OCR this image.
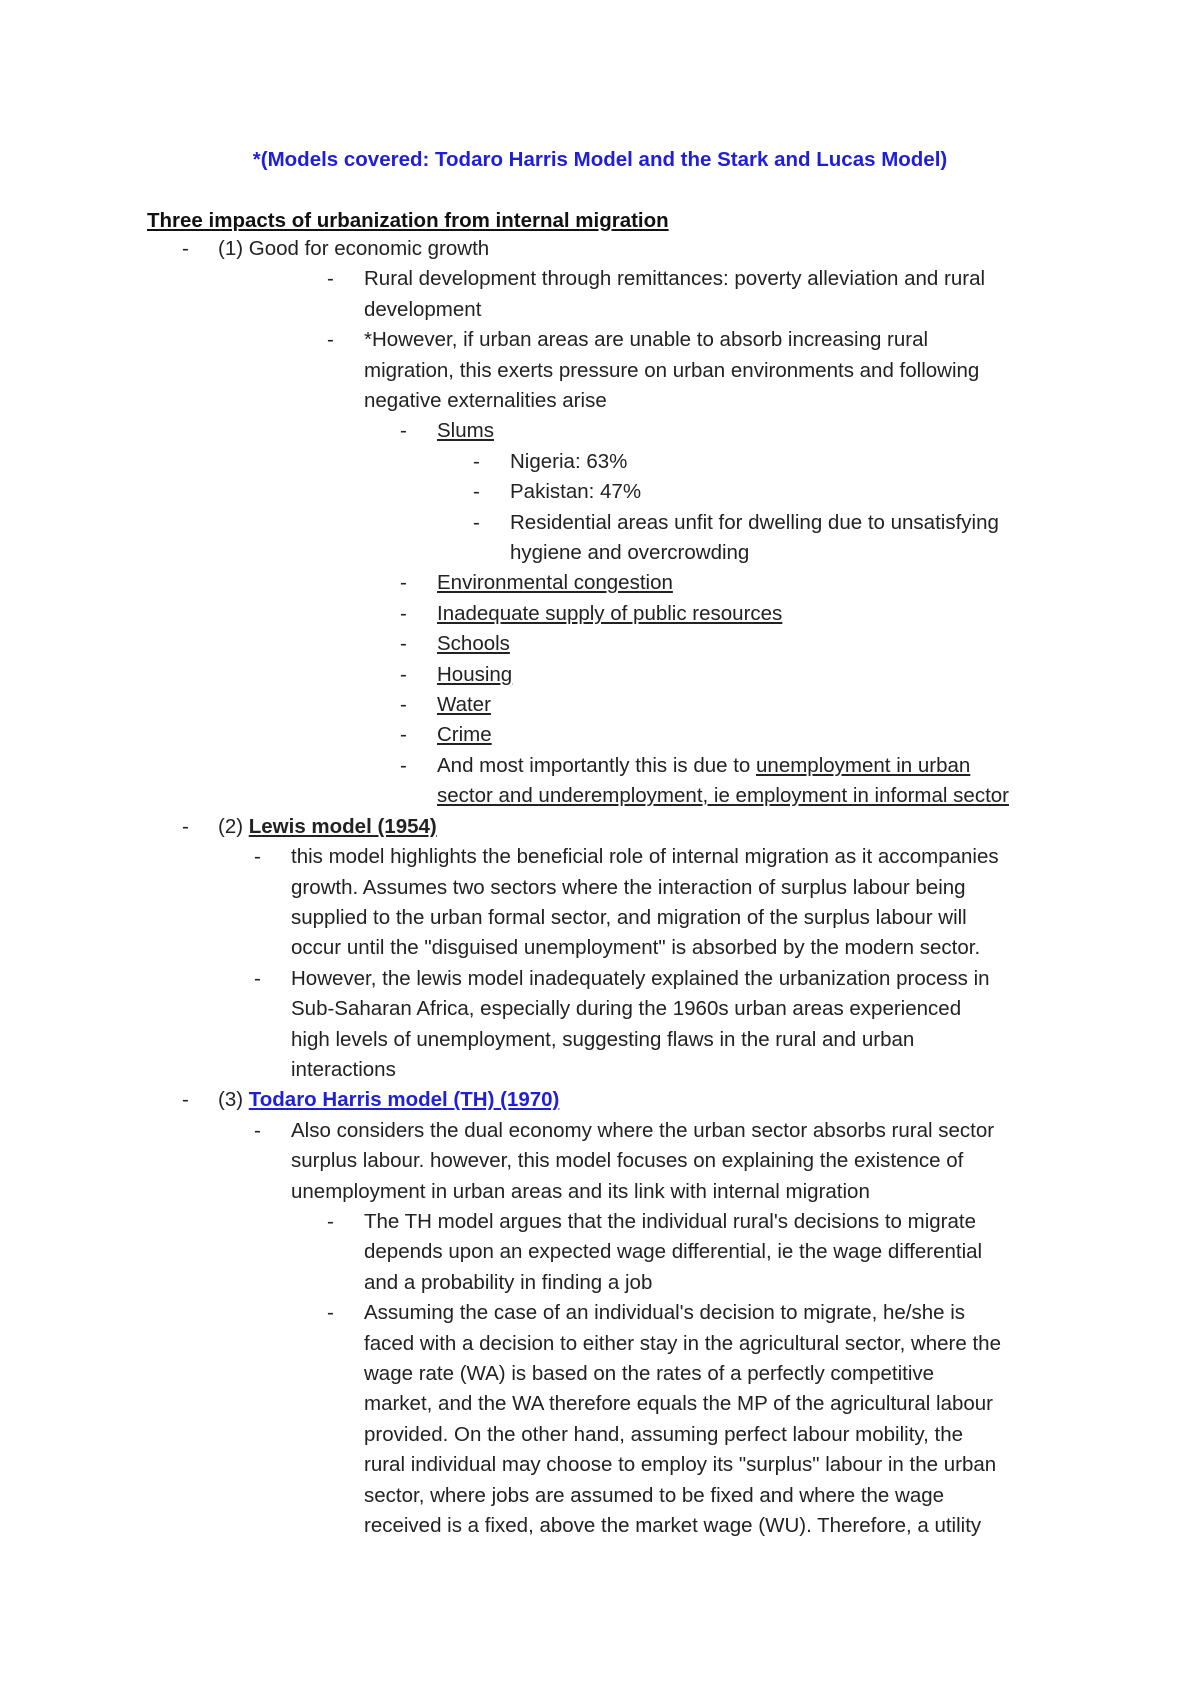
*(Models covered: Todaro Harris Model and the Stark and Lucas Model)
Three impacts of urbanization from internal migration
- (1) Good for economic growth
- Rural development through remittances: poverty alleviation and rural
development
- *However, if urban areas are unable to absorb increasing rural
migration, this exerts pressure on urban environments and following
negative externalities arise
- Slums
- Nigeria: 63%
- Pakistan: 47%
- Residential areas unfit for dwelling due to unsatisfying
hygiene and overcrowding
- Environmental congestion
- Inadequate supply of public resources
- Schools
- Housing
- Water
- Crime
- And most importantly this is due to unemployment in urban
sector and underemployment, ie employment in informal sector
- (2) Lewis model (1954)
- this model highlights the beneficial role of internal migration as it accompanies
growth. Assumes two sectors where the interaction of surplus labour being
supplied to the urban formal sector, and migration of the surplus labour will
occur until the "disguised unemployment" is absorbed by the modern sector.
- However, the lewis model inadequately explained the urbanization process in
Sub-Saharan Africa, especially during the 1960s urban areas experienced
high levels of unemployment, suggesting flaws in the rural and urban
interactions
- (3) Todaro Harris model (TH) (1970)
- Also considers the dual economy where the urban sector absorbs rural sector
surplus labour. however, this model focuses on explaining the existence of
unemployment in urban areas and its link with internal migration
- The TH model argues that the individual rural's decisions to migrate
depends upon an expected wage differential, ie the wage differential
and a probability in finding a job
- Assuming the case of an individual's decision to migrate, he/she is
faced with a decision to either stay in the agricultural sector, where the
wage rate (WA) is based on the rates of a perfectly competitive
market, and the WA therefore equals the MP of the agricultural labour
provided. On the other hand, assuming perfect labour mobility, the
rural individual may choose to employ its "surplus" labour in the urban
sector, where jobs are assumed to be fixed and where the wage
received is a fixed, above the market wage (WU). Therefore, a utility
